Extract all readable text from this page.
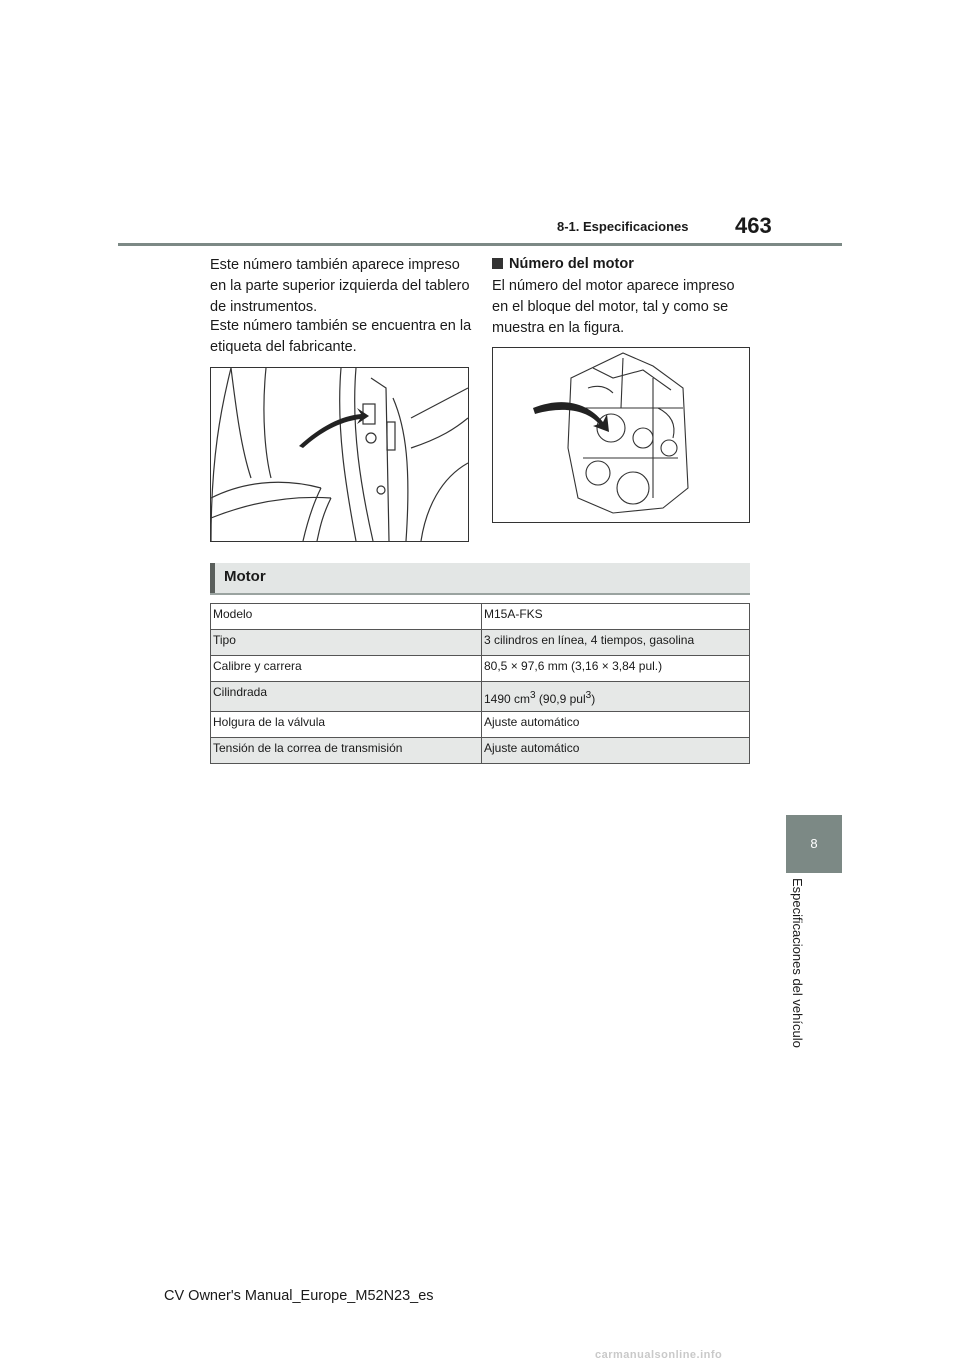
8-1. Especificaciones 463

Este número también aparece impreso en la parte superior izquierda del tablero de instrumentos.

Este número también se encuentra en la etiqueta del fabricante.

Número del motor

El número del motor aparece impreso en el bloque del motor, tal y como se muestra en la figura.

Motor
Modelo	M15A-FKS
Tipo	3 cilindros en línea, 4 tiempos, gasolina
Calibre y carrera	80,5 × 97,6 mm (3,16 × 3,84 pul.)
Cilindrada	1490 $cm^3$ (90,9 pul$^3$)
Holgura de la válvula	Ajuste automático
Tensión de la correa de transmisión	Ajuste automático
8
Especificaciones del vehículo
CV Owner's Manual_Europe_M52N23_es
carmanualsonline.info
